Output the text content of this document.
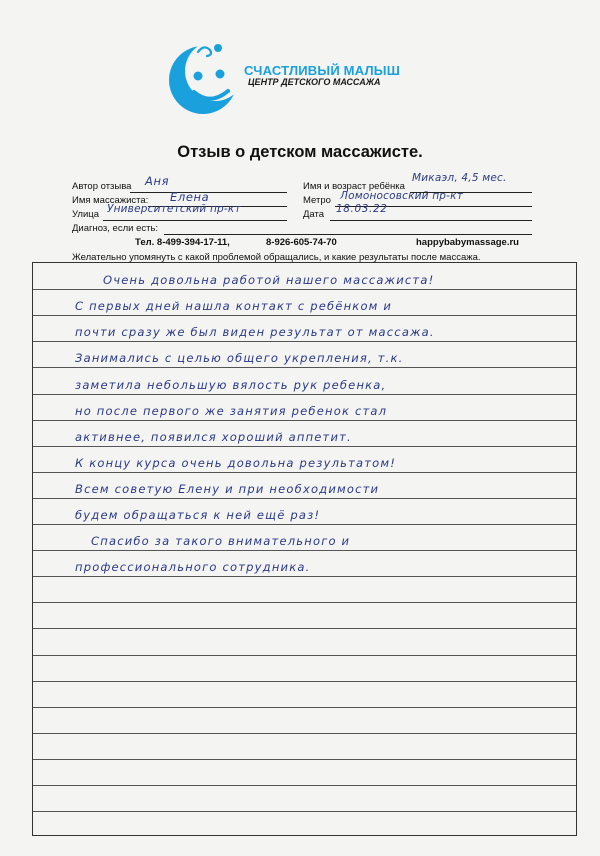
СЧАСТЛИВЫЙ МАЛЫШ
ЦЕНТР ДЕТСКОГО МАССАЖА
Отзыв о детском массажисте.
Автор отзыва Аня
Имя массажиста: Елена
Улица Университетский пр-кт
Диагноз, если есть:
Имя и возраст ребёнка
Микаэл, 4,5 мес.
Метро Ломоносовский пр-кт
Дата 18.03.22
Тел. 8-499-394-17-11,	8-926-605-74-70	happybabymassage.ru
Желательно упомянуть с какой проблемой обращались, и какие результаты после массажа.
Очень довольна работой нашего массажиста!
С первых дней нашла контакт с ребёнком и
почти сразу же был виден результат от массажа.
Занимались с целью общего укрепления, т.к.
заметила небольшую вялость рук ребенка,
но после первого же занятия ребенок стал
активнее, появился хороший аппетит.
К концу курса очень довольна результатом!
Всем советую Елену и при необходимости
будем обращаться к ней ещё раз!
Спасибо за такого внимательного и
профессионального сотрудника.
